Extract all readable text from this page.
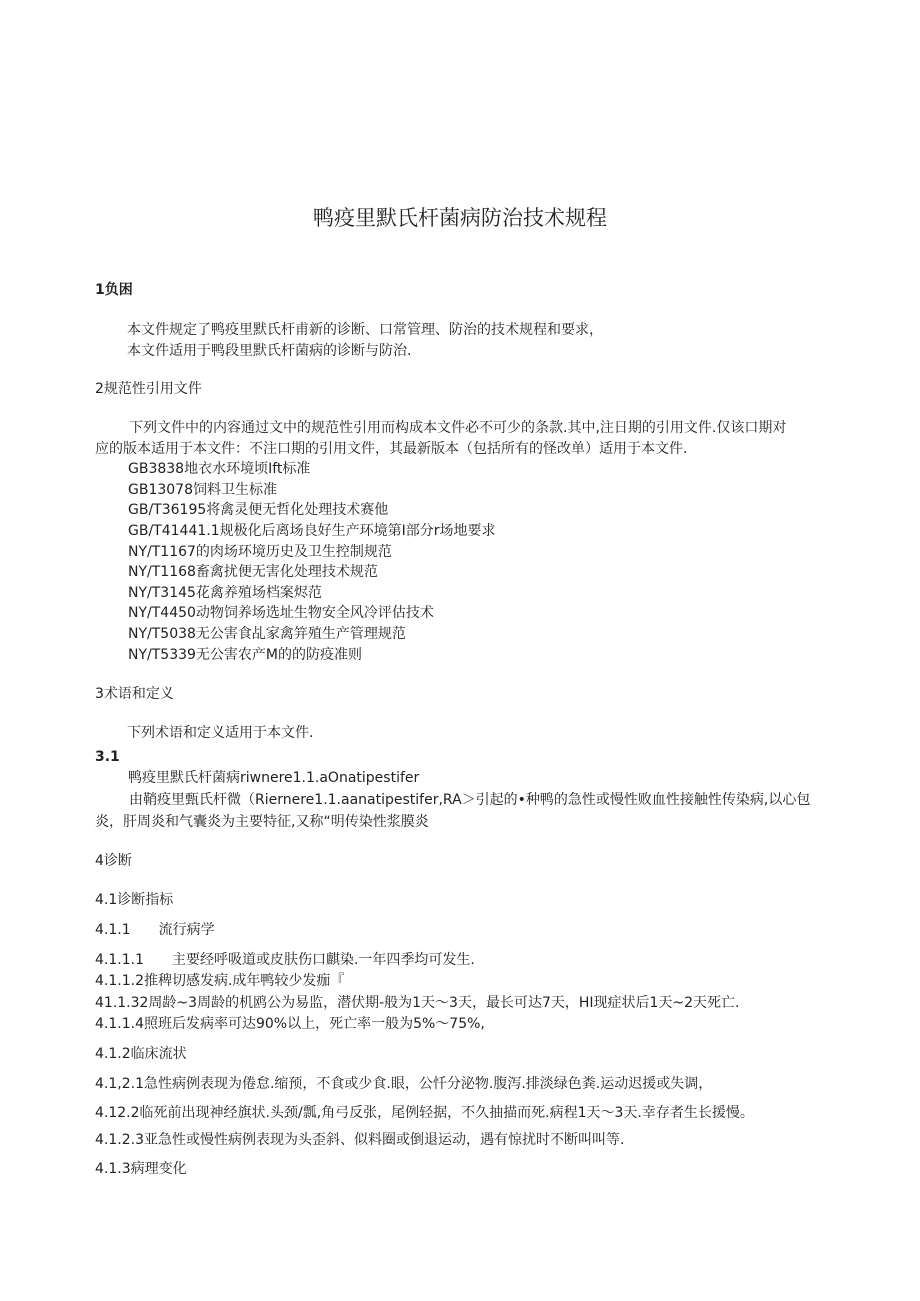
鸭疫里默氏杆菌病防治技术规程
1负困
本文件规定了鸭疫里默氏杆甫新的诊断、口常管理、防治的技术规程和要求，
本文件适用于鸭段里默氏杆菌病的诊断与防治.
2规范性引用文件
下列文件中的内容通过文中的规范性引用而构成本文件必不可少的条款.其中,注日期的引用文件.仅该口期对
应的版本适用于本文件：不注口期的引用文件，其最新版本（包括所有的怪改单）适用于本文件.
GB3838地衣水环境顷Ift标准
GB13078饲料卫生标准
GB/T36195将禽灵便无哲化处理技术赛他
GB/T41441.1规极化后离场良好生产环境第I部分r场地要求
NY/T1167的肉场环境历史及卫生控制规范
NY/T1168畜禽扰便无害化处理技术规范
NY/T3145花禽养殖场档案烬范
NY/T4450动物饲养场选址生物安全风冷评估技术
NY/T5038无公害食乩家禽笄殖生产管理规范
NY/T5339无公害农产M的的防疫准则
3术语和定义
下列术语和定义适用于本文件.
3.1
鸭疫里默氏杆菌病riwnere1.1.aOnatipestifer
由鞘疫里甄氏杆微（Riernere1.1.aanatipestifer,RA＞引起的•种鸭的急性或慢性败血性接触性传染病,以心包
炎，肝周炎和气囊炎为主要特征,又称“明传染性浆膜炎
4诊断
4.1诊断指标
4.1.1　　流行病学
4.1.1.1　　主要经呼吸道或皮肤伤口麒染.一年四季均可发生.
4.1.1.2推稗切感发病.成年鸭较少发痂『
41.1.32周龄~3周龄的机鸥公为易监，潜伏期-般为1天〜3天，最长可达7天，HI现症状后1天~2天死亡.
4.1.1.4照班后发病率可达90%以上，死亡率一般为5%〜75%,
4.1.2临床流状
4.1,2.1急性病例表现为倦怠.缩预，不食或少食.眼，公忏分泌物.腹泻.排淡绿色粪.运动迟援或失调，
4.12.2临死前出现神经旗状.头颈/瓢,角弓反张，尾例轻据，不久抽描而死.病程1天〜3天.幸存者生长援慢。
4.1.2.3亚急性或慢性病例表现为头歪斜、似料圈或倒退运动，遇有惊扰时不断叫叫等.
4.1.3病理变化
